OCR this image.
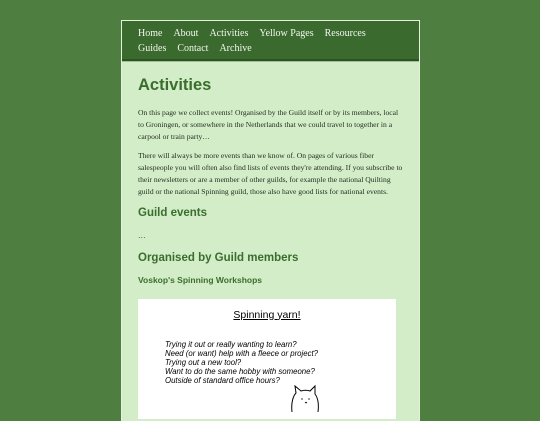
Home About Activities Yellow Pages Resources
Guides Contact Archive
Activities

On this page we collect events! Organised by the Guild itself or by its members, local to Groningen, or somewhere in the Netherlands that we could travel to together in a carpool or train party…

There will always be more events than we know of. On pages of various fiber salespeople you will often also find lists of events they're attending. If you subscribe to their newsletters or are a member of other guilds, for example the national Quilting guild or the national Spinning guild, those also have good lists for national events.

Guild events
…
Organised by Guild members
Voskop's Spinning Workshops
Spinning yarn!
Trying it out or really wanting to learn?
Need (or want) help with a fleece or project?
Trying out a new tool?
Want to do the same hobby with someone?
Outside of standard office hours?
